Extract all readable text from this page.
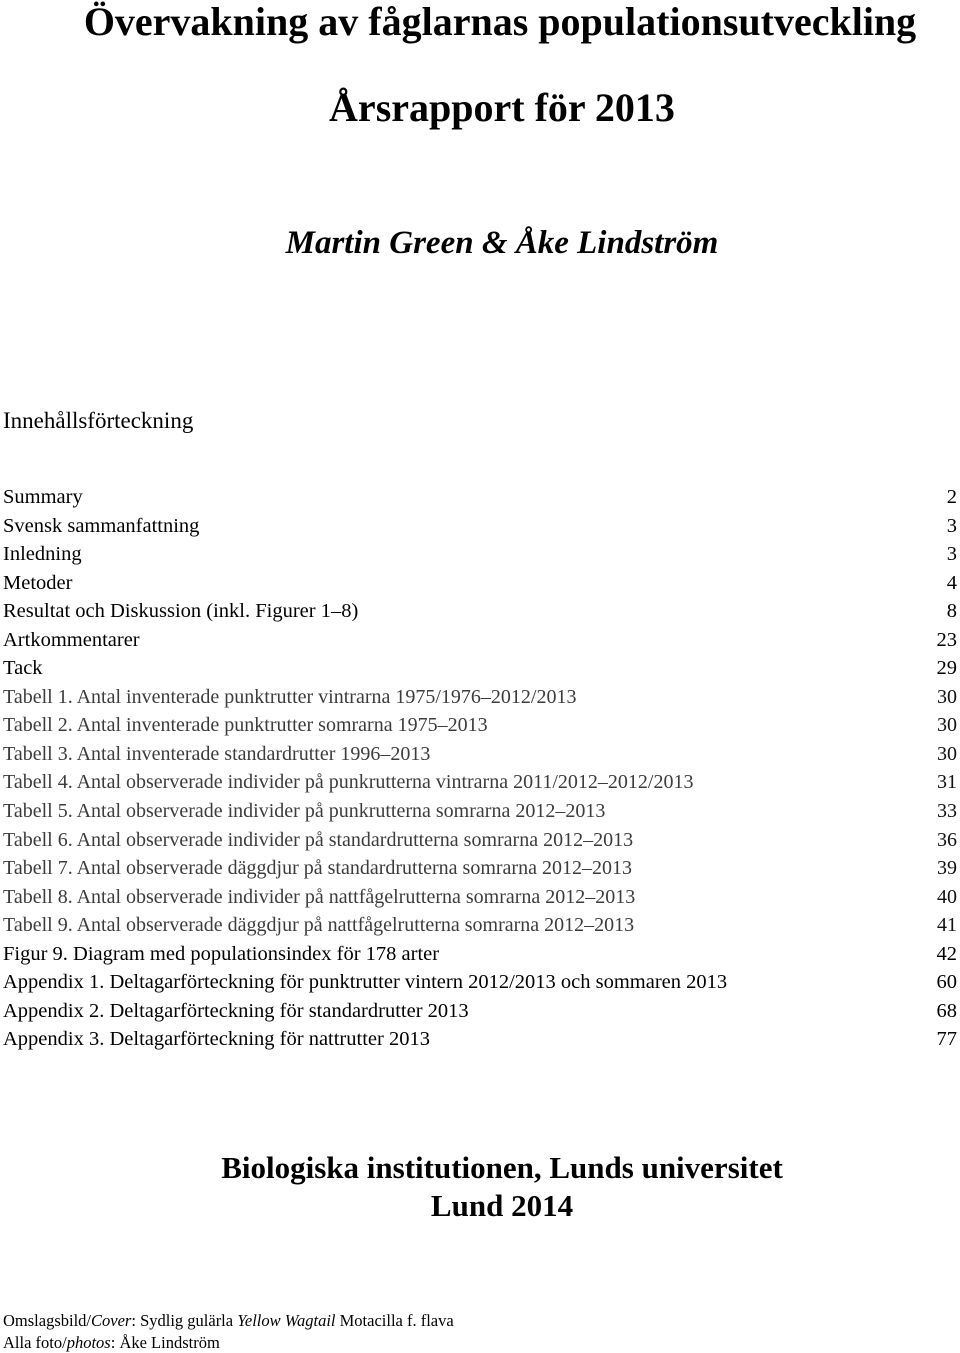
Övervakning av fåglarnas populationsutveckling
Årsrapport för 2013
Martin Green & Åke Lindström
Innehållsförteckning
Summary	2
Svensk sammanfattning	3
Inledning	3
Metoder	4
Resultat och Diskussion (inkl. Figurer 1–8)	8
Artkommentarer	23
Tack	29
Tabell 1. Antal inventerade punktrutter vintrarna 1975/1976–2012/2013	30
Tabell 2. Antal inventerade punktrutter somrarna 1975–2013	30
Tabell 3. Antal inventerade standardrutter 1996–2013	30
Tabell 4. Antal observerade individer på punkrutterna vintrarna 2011/2012–2012/2013	31
Tabell 5. Antal observerade individer på punkrutterna somrarna 2012–2013	33
Tabell 6. Antal observerade individer på standardrutterna somrarna 2012–2013	36
Tabell 7. Antal observerade däggdjur på standardrutterna somrarna 2012–2013	39
Tabell 8. Antal observerade individer på nattfågelrutterna somrarna 2012–2013	40
Tabell 9. Antal observerade däggdjur på nattfågelrutterna somrarna 2012–2013	41
Figur 9. Diagram med populationsindex för 178 arter	42
Appendix 1. Deltagarförteckning för punktrutter vintern 2012/2013 och sommaren 2013	60
Appendix 2. Deltagarförteckning för standardrutter 2013	68
Appendix 3. Deltagarförteckning för nattrutter 2013	77
Biologiska institutionen, Lunds universitet
Lund 2014
Omslagsbild/Cover: Sydlig gulärla Yellow Wagtail Motacilla f. flava
Alla foto/photos: Åke Lindström
